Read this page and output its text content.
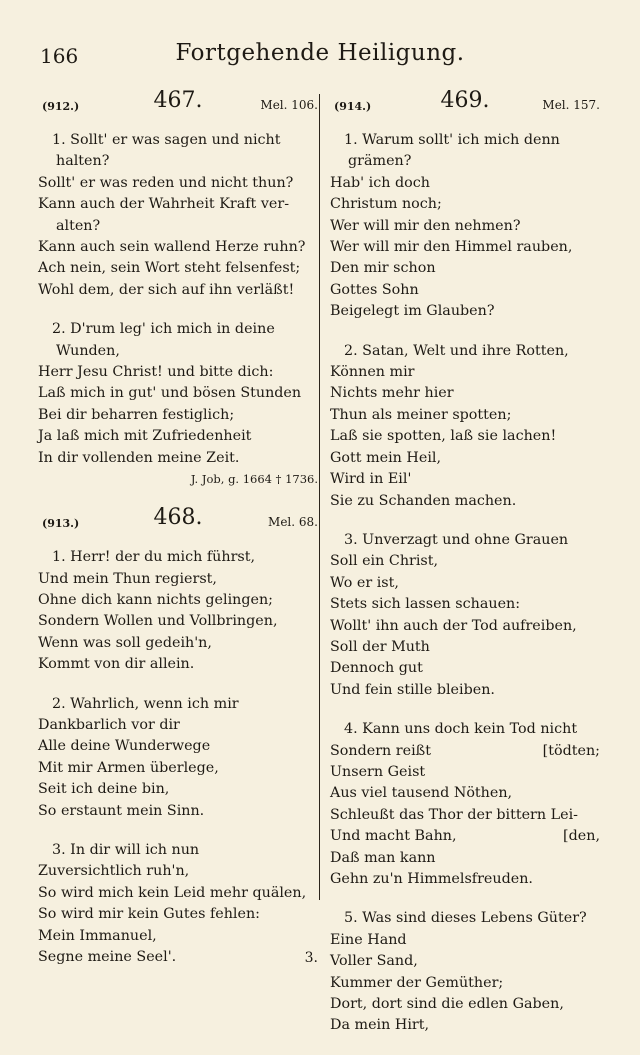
166	Fortgehende Heiligung.
(912.)	467.	Mel. 106.
1. Sollt' er was sagen und nicht
halten?
Sollt' er was reden und nicht thun?
Kann auch der Wahrheit Kraft ver-
alten?
Kann auch sein wallend Herze ruhn?
Ach nein, sein Wort steht felsenfest;
Wohl dem, der sich auf ihn verläßt!
2. D'rum leg' ich mich in deine
Wunden,
Herr Jesu Christ! und bitte dich:
Laß mich in gut' und bösen Stunden
Bei dir beharren festiglich;
Ja laß mich mit Zufriedenheit
In dir vollenden meine Zeit.
J. Job, g. 1664 † 1736.
(913.)	468.	Mel. 68.
1. Herr! der du mich führst,
Und mein Thun regierst,
Ohne dich kann nichts gelingen;
Sondern Wollen und Vollbringen,
Wenn was soll gedeih'n,
Kommt von dir allein.
2. Wahrlich, wenn ich mir
Dankbarlich vor dir
Alle deine Wunderwege
Mit mir Armen überlege,
Seit ich deine bin,
So erstaunt mein Sinn.
3. In dir will ich nun
Zuversichtlich ruh'n,
So wird mich kein Leid mehr quälen,
So wird mir kein Gutes fehlen:
Mein Immanuel,
Segne meine Seel'.	3.
(914.)	469.	Mel. 157.
1. Warum sollt' ich mich denn
grämen?
Hab' ich doch
Christum noch;
Wer will mir den nehmen?
Wer will mir den Himmel rauben,
Den mir schon
Gottes Sohn
Beigelegt im Glauben?
2. Satan, Welt und ihre Rotten,
Können mir
Nichts mehr hier
Thun als meiner spotten;
Laß sie spotten, laß sie lachen!
Gott mein Heil,
Wird in Eil'
Sie zu Schanden machen.
3. Unverzagt und ohne Grauen
Soll ein Christ,
Wo er ist,
Stets sich lassen schauen:
Wollt' ihn auch der Tod aufreiben,
Soll der Muth
Dennoch gut
Und fein stille bleiben.
4. Kann uns doch kein Tod nicht
Sondern reißt	[tödten;
Unsern Geist
Aus viel tausend Nöthen,
Schleußt das Thor der bittern Lei-
Und macht Bahn,	[den,
Daß man kann
Gehn zu'n Himmelsfreuden.
5. Was sind dieses Lebens Güter?
Eine Hand
Voller Sand,
Kummer der Gemüther;
Dort, dort sind die edlen Gaben,
Da mein Hirt,
